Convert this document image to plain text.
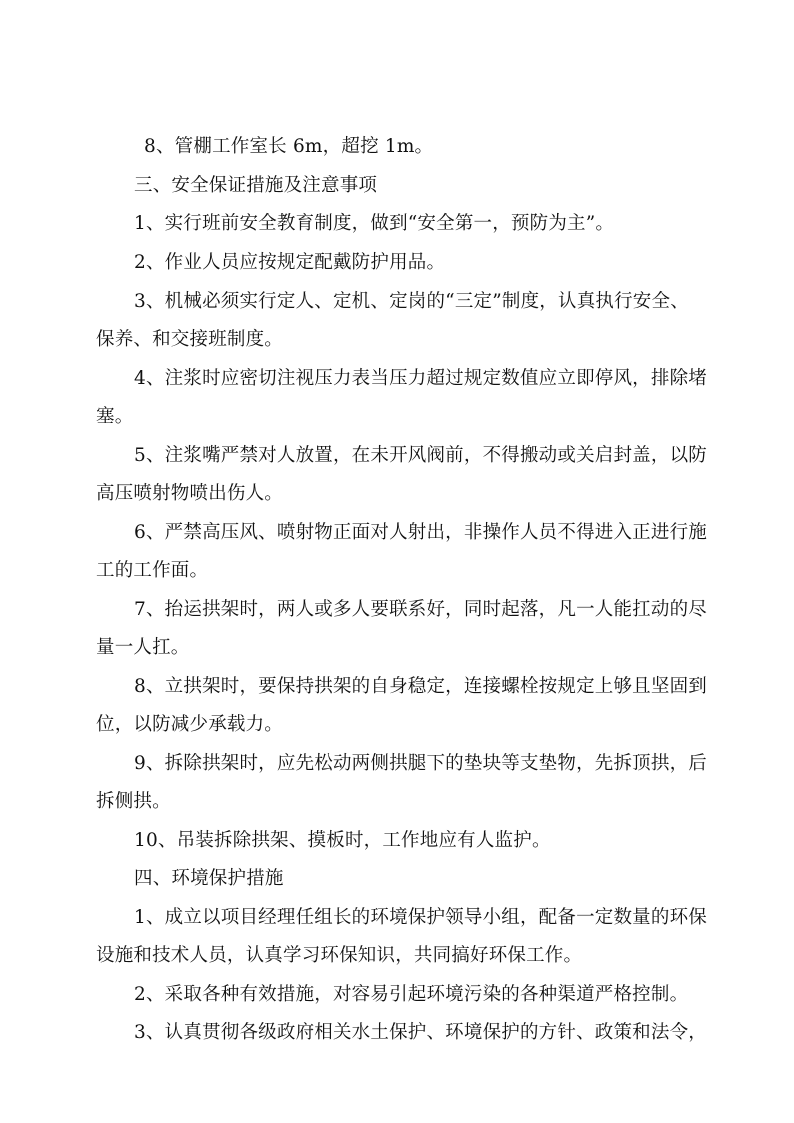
8、管棚工作室长 6m，超挖 1m。
三、安全保证措施及注意事项
1、实行班前安全教育制度，做到“安全第一，预防为主”。
2、作业人员应按规定配戴防护用品。
3、机械必须实行定人、定机、定岗的“三定”制度，认真执行安全、
保养、和交接班制度。
4、注浆时应密切注视压力表当压力超过规定数值应立即停风，排除堵
塞。
5、注浆嘴严禁对人放置，在未开风阀前，不得搬动或关启封盖，以防
高压喷射物喷出伤人。
6、严禁高压风、喷射物正面对人射出，非操作人员不得进入正进行施
工的工作面。
7、抬运拱架时，两人或多人要联系好，同时起落，凡一人能扛动的尽
量一人扛。
8、立拱架时，要保持拱架的自身稳定，连接螺栓按规定上够且坚固到
位，以防减少承载力。
9、拆除拱架时，应先松动两侧拱腿下的垫块等支垫物，先拆顶拱，后
拆侧拱。
10、吊装拆除拱架、摸板时，工作地应有人监护。
四、环境保护措施
1、成立以项目经理任组长的环境保护领导小组，配备一定数量的环保
设施和技术人员，认真学习环保知识，共同搞好环保工作。
2、采取各种有效措施，对容易引起环境污染的各种渠道严格控制。
3、认真贯彻各级政府相关水土保护、环境保护的方针、政策和法令，
